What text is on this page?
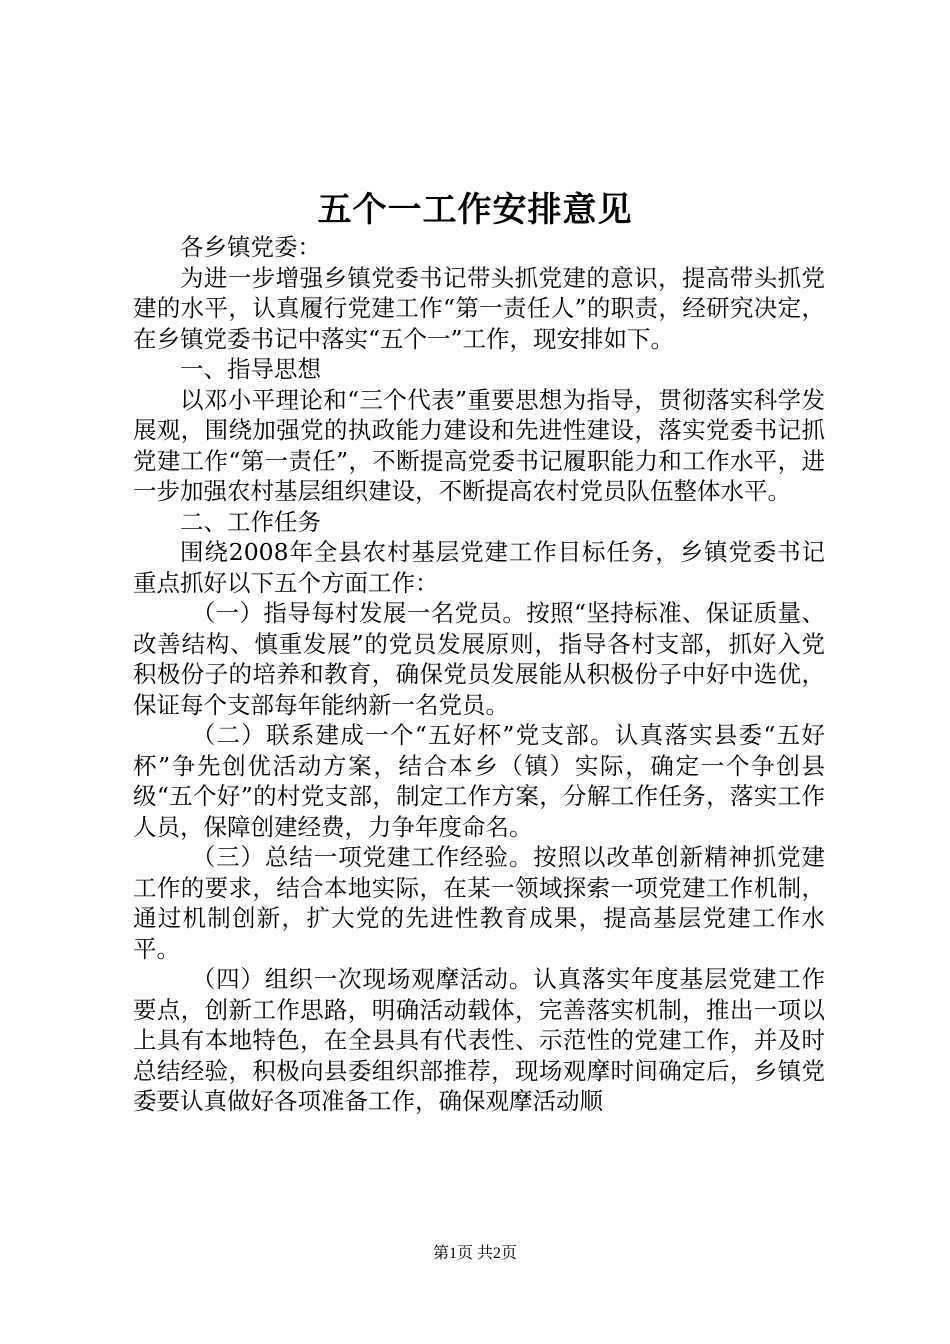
五个一工作安排意见

各乡镇党委：

为进一步增强乡镇党委书记带头抓党建的意识，提高带头抓党建的水平，认真履行党建工作“第一责任人”的职责，经研究决定，在乡镇党委书记中落实“五个一”工作，现安排如下。

一、指导思想

以邓小平理论和“三个代表”重要思想为指导，贯彻落实科学发展观，围绕加强党的执政能力建设和先进性建设，落实党委书记抓党建工作“第一责任”，不断提高党委书记履职能力和工作水平，进一步加强农村基层组织建设，不断提高农村党员队伍整体水平。

二、工作任务

围绕2008年全县农村基层党建工作目标任务，乡镇党委书记重点抓好以下五个方面工作：

（一）指导每村发展一名党员。按照“坚持标准、保证质量、改善结构、慎重发展”的党员发展原则，指导各村支部，抓好入党积极份子的培养和教育，确保党员发展能从积极份子中好中选优，保证每个支部每年能纳新一名党员。

（二）联系建成一个“五好杯”党支部。认真落实县委“五好杯”争先创优活动方案，结合本乡（镇）实际，确定一个争创县级“五个好”的村党支部，制定工作方案，分解工作任务，落实工作人员，保障创建经费，力争年度命名。

（三）总结一项党建工作经验。按照以改革创新精神抓党建工作的要求，结合本地实际，在某一领域探索一项党建工作机制，通过机制创新，扩大党的先进性教育成果，提高基层党建工作水平。

（四）组织一次现场观摩活动。认真落实年度基层党建工作要点，创新工作思路，明确活动载体，完善落实机制，推出一项以上具有本地特色，在全县具有代表性、示范性的党建工作，并及时总结经验，积极向县委组织部推荐，现场观摩时间确定后，乡镇党委要认真做好各项准备工作，确保观摩活动顺

第1页 共2页
